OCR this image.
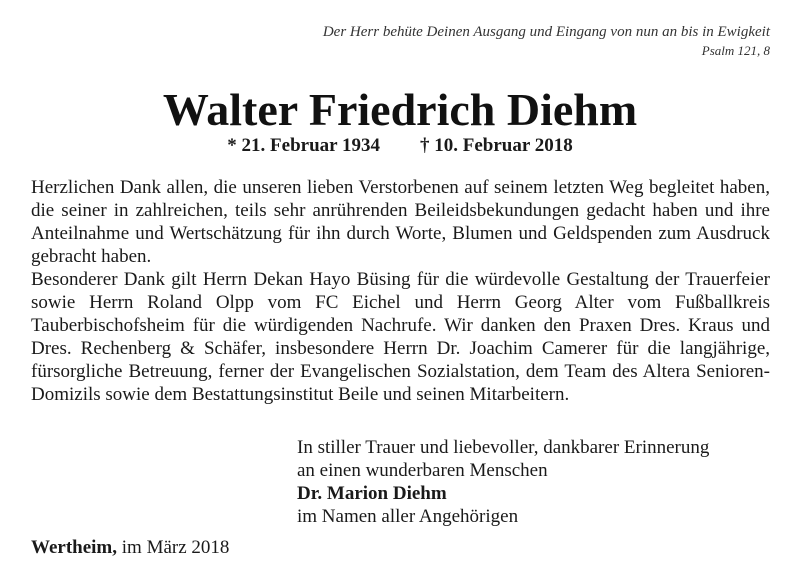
Der Herr behüte Deinen Ausgang und Eingang von nun an bis in Ewigkeit
Psalm 121, 8
Walter Friedrich Diehm
* 21. Februar 1934 † 10. Februar 2018

Herzlichen Dank allen, die unseren lieben Verstorbenen auf seinem letzten Weg begleitet haben, die seiner in zahlreichen, teils sehr anrührenden Beileidsbekundungen gedacht haben und ihre Anteilnahme und Wertschätzung für ihn durch Worte, Blumen und Geldspenden zum Ausdruck gebracht haben.

Besonderer Dank gilt Herrn Dekan Hayo Büsing für die würdevolle Gestaltung der Trauerfeier sowie Herrn Roland Olpp vom FC Eichel und Herrn Georg Alter vom Fußballkreis Tauberbischofsheim für die würdigenden Nachrufe. Wir danken den Praxen Dres. Kraus und Dres. Rechenberg & Schäfer, insbesondere Herrn Dr. Joachim Camerer für die langjährige, fürsorgliche Betreuung, ferner der Evangelischen Sozialstation, dem Team des Altera Senioren-Domizils sowie dem Bestattungsinstitut Beile und seinen Mitarbeitern.

In stiller Trauer und liebevoller, dankbarer Erinnerung
an einen wunderbaren Menschen
Dr. Marion Diehm
im Namen aller Angehörigen
Wertheim, im März 2018
